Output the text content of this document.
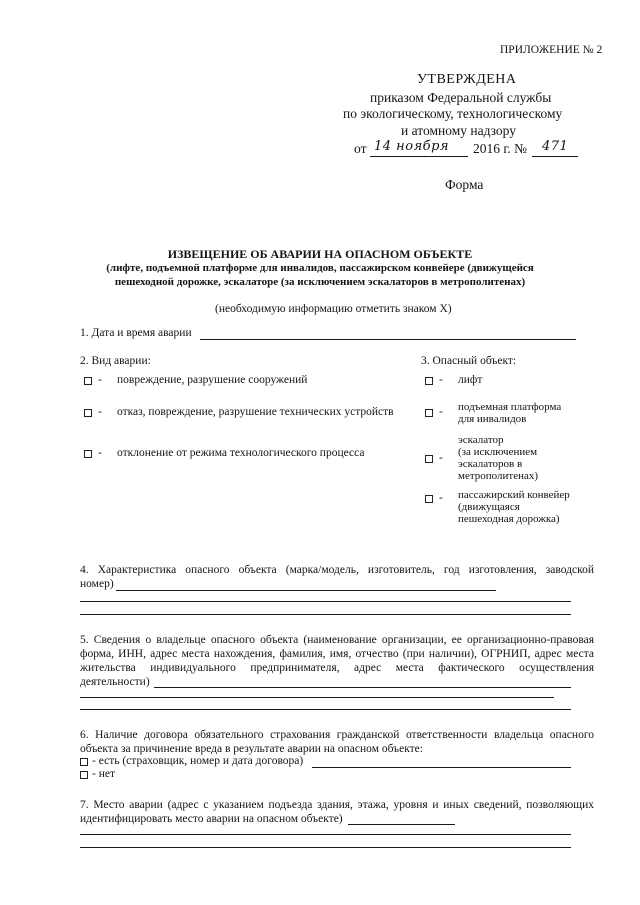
ПРИЛОЖЕНИЕ № 2
УТВЕРЖДЕНА
приказом Федеральной службы
по экологическому, технологическому
и атомному надзору
от 14 ноября 2016 г. № 471
Форма
ИЗВЕЩЕНИЕ ОБ АВАРИИ НА ОПАСНОМ ОБЪЕКТЕ
(лифте, подъемной платформе для инвалидов, пассажирском конвейере (движущейся
пешеходной дорожке, эскалаторе (за исключением эскалаторов в метрополитенах)
(необходимую информацию отметить знаком Х)
1. Дата и время аварии
2. Вид аварии:
- повреждение, разрушение сооружений
- отказ, повреждение, разрушение технических устройств
- отклонение от режима технологического процесса
3. Опасный объект:
- лифт
- подъемная платформа
для инвалидов
-
эскалатор
(за исключением
эскалаторов в
метрополитенах)
- пассажирский конвейер
(движущаяся
пешеходная дорожка)
4. Характеристика опасного объекта (марка/модель, изготовитель, год изготовления, заводской
номер)
5. Сведения о владельце опасного объекта (наименование организации, ее организационно-правовая
форма, ИНН, адрес места нахождения, фамилия, имя, отчество (при наличии), ОГРНИП, адрес места
жительства индивидуального предпринимателя, адрес места фактического осуществления
деятельности)
6. Наличие договора обязательного страхования гражданской ответственности владельца опасного
объекта за причинение вреда в результате аварии на опасном объекте:
- есть (страховщик, номер и дата договора)
- нет
7. Место аварии (адрес с указанием подъезда здания, этажа, уровня и иных сведений, позволяющих
идентифицировать место аварии на опасном объекте)
